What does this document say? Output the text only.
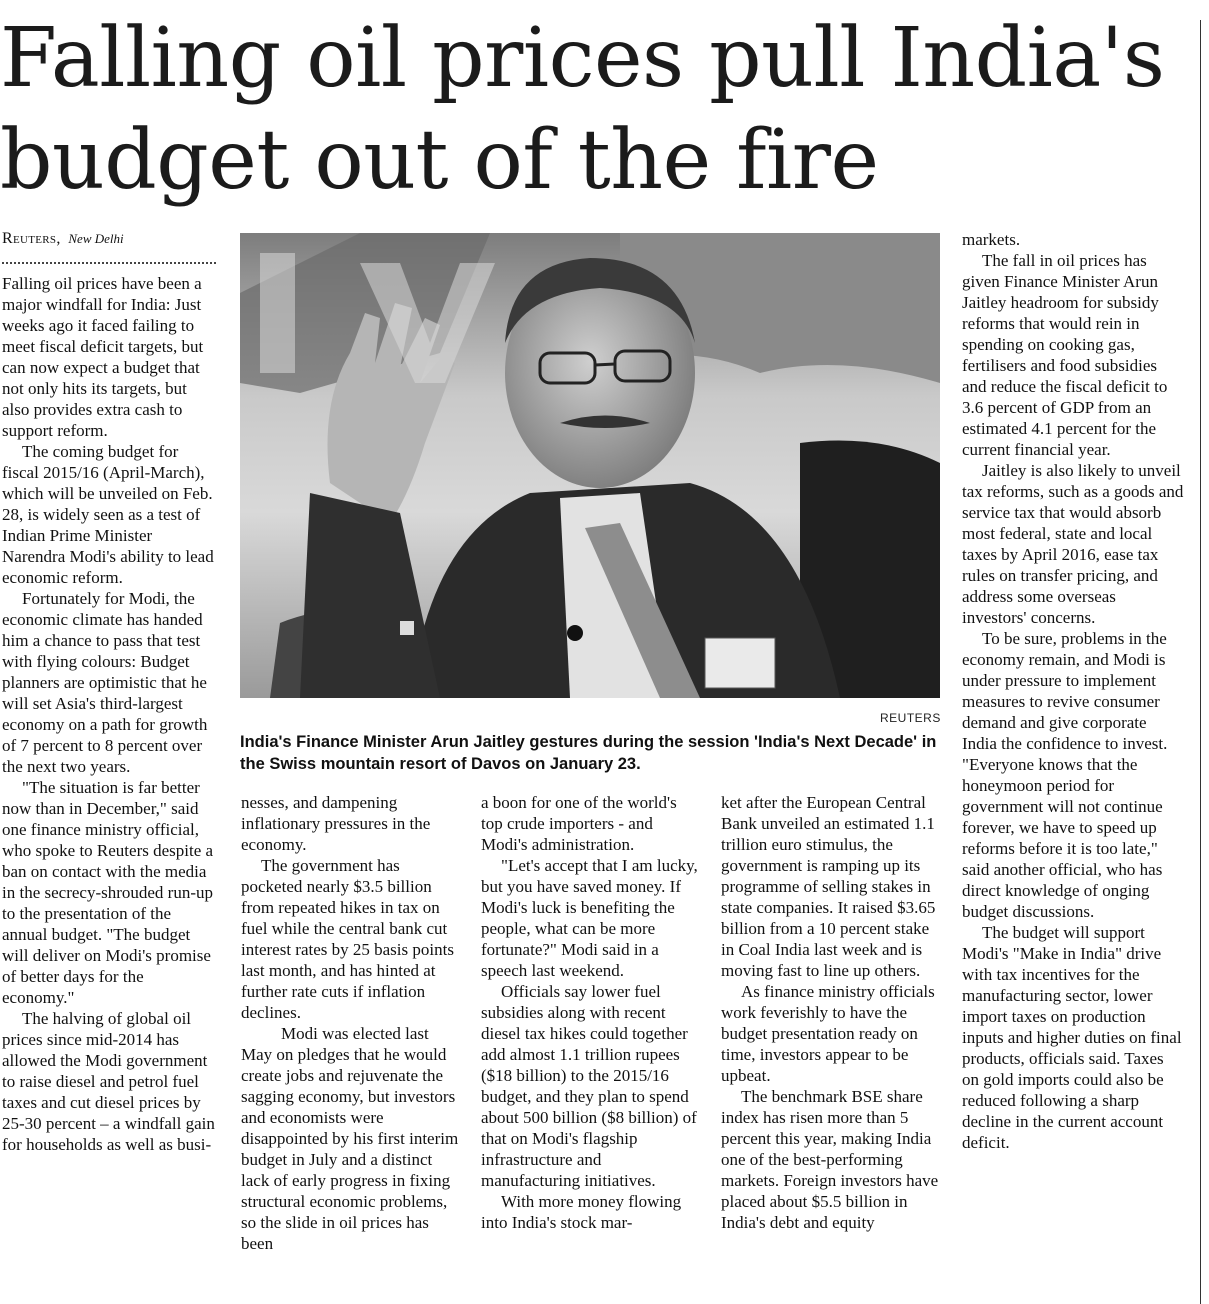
Falling oil prices pull India's budget out of the fire
Reuters, New Delhi

Falling oil prices have been a major windfall for India: Just weeks ago it faced failing to meet fiscal deficit targets, but can now expect a budget that not only hits its targets, but also provides extra cash to support reform.

The coming budget for fiscal 2015/16 (April-March), which will be unveiled on Feb. 28, is widely seen as a test of Indian Prime Minister Narendra Modi's ability to lead economic reform.

Fortunately for Modi, the economic climate has handed him a chance to pass that test with flying colours: Budget planners are optimistic that he will set Asia's third-largest economy on a path for growth of 7 percent to 8 percent over the next two years.

"The situation is far better now than in December," said one finance ministry official, who spoke to Reuters despite a ban on contact with the media in the secrecy-shrouded run-up to the presentation of the annual budget. "The budget will deliver on Modi's promise of better days for the economy."

The halving of global oil prices since mid-2014 has allowed the Modi government to raise diesel and petrol fuel taxes and cut diesel prices by 25-30 percent – a windfall gain for households as well as busi-

REUTERS
India's Finance Minister Arun Jaitley gestures during the session 'India's Next Decade' in the Swiss mountain resort of Davos on January 23.

nesses, and dampening inflationary pressures in the economy.

The government has pocketed nearly $3.5 billion from repeated hikes in tax on fuel while the central bank cut interest rates by 25 basis points last month, and has hinted at further rate cuts if inflation declines.

Modi was elected last May on pledges that he would create jobs and rejuvenate the sagging economy, but investors and economists were disappointed by his first interim budget in July and a distinct lack of early progress in fixing structural economic problems, so the slide in oil prices has been

a boon for one of the world's top crude importers - and Modi's administration.

"Let's accept that I am lucky, but you have saved money. If Modi's luck is benefiting the people, what can be more fortunate?" Modi said in a speech last weekend.

Officials say lower fuel subsidies along with recent diesel tax hikes could together add almost 1.1 trillion rupees ($18 billion) to the 2015/16 budget, and they plan to spend about 500 billion ($8 billion) of that on Modi's flagship infrastructure and manufacturing initiatives.

With more money flowing into India's stock mar-

ket after the European Central Bank unveiled an estimated 1.1 trillion euro stimulus, the government is ramping up its programme of selling stakes in state companies. It raised $3.65 billion from a 10 percent stake in Coal India last week and is moving fast to line up others.

As finance ministry officials work feverishly to have the budget presentation ready on time, investors appear to be upbeat.

The benchmark BSE share index has risen more than 5 percent this year, making India one of the best-performing markets. Foreign investors have placed about $5.5 billion in India's debt and equity

markets.

The fall in oil prices has given Finance Minister Arun Jaitley headroom for subsidy reforms that would rein in spending on cooking gas, fertilisers and food subsidies and reduce the fiscal deficit to 3.6 percent of GDP from an estimated 4.1 percent for the current financial year.

Jaitley is also likely to unveil tax reforms, such as a goods and service tax that would absorb most federal, state and local taxes by April 2016, ease tax rules on transfer pricing, and address some overseas investors' concerns.

To be sure, problems in the economy remain, and Modi is under pressure to implement measures to revive consumer demand and give corporate India the confidence to invest. "Everyone knows that the honeymoon period for government will not continue forever, we have to speed up reforms before it is too late," said another official, who has direct knowledge of onging budget discussions.

The budget will support Modi's "Make in India" drive with tax incentives for the manufacturing sector, lower import taxes on production inputs and higher duties on final products, officials said. Taxes on gold imports could also be reduced following a sharp decline in the current account deficit.
